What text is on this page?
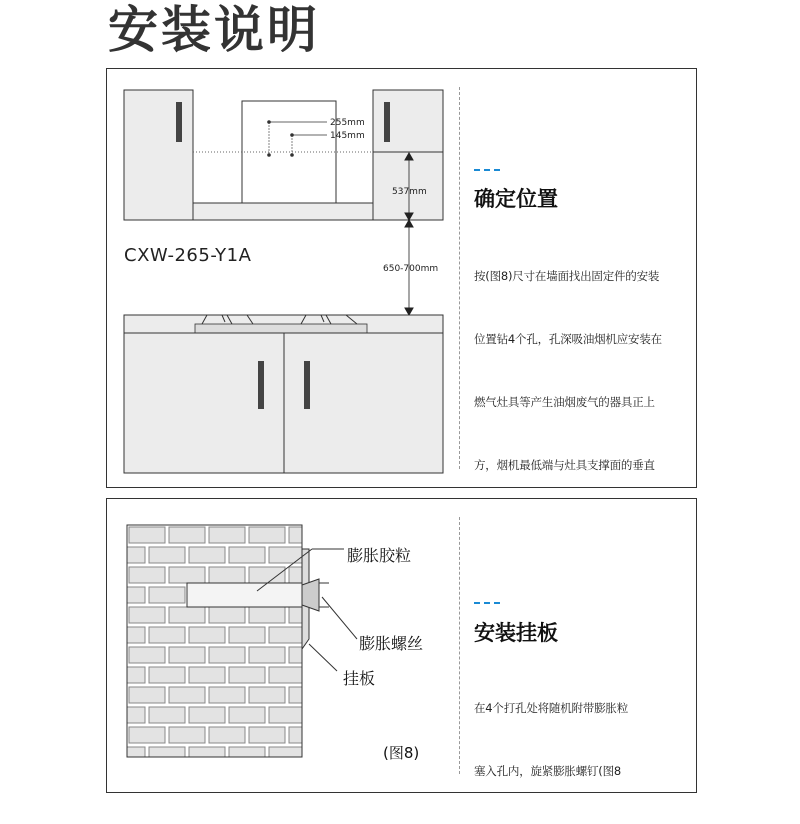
安装说明
255mm
145mm
537mm
650-700mm
CXW-265-Y1A
确定位置

按(图8)尺寸在墙面找出固定件的安装

位置钻4个孔，孔深吸油烟机应安装在

燃气灶具等产生油烟废气的器具正上

方，烟机最低端与灶具支撑面的垂直

膨胀胶粒
膨胀螺丝
挂板
(图8)
安装挂板

在4个打孔处将随机附带膨胀粒

塞入孔内，旋紧膨胀螺钉(图8
